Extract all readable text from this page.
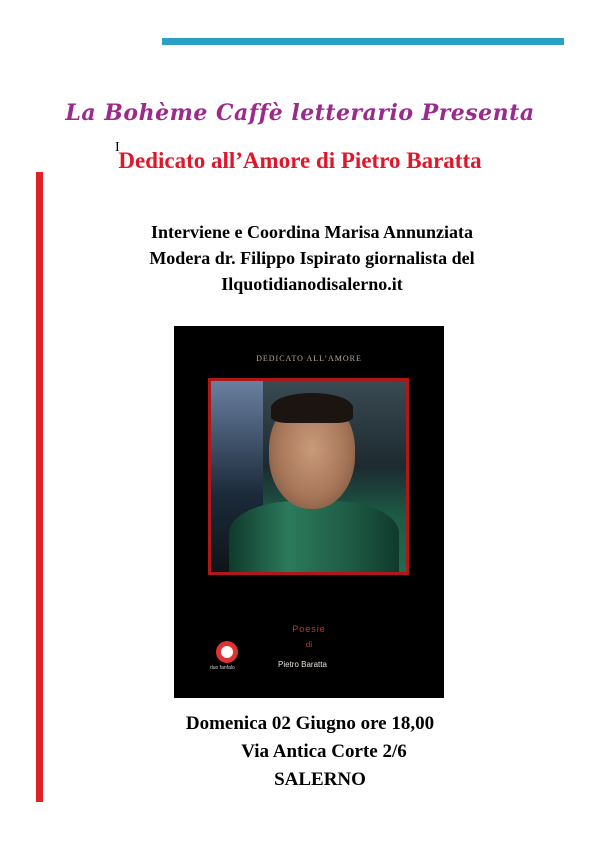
La Bohème Caffè letterario Presenta
I
Dedicato all’Amore di Pietro Baratta
Interviene e Coordina Marisa Annunziata
Modera dr. Filippo Ispirato giornalista del
Ilquotidianodisalerno.it
DEDICATO ALL’AMORE
Poesie
di
duo fanfalo	Pietro Baratta
Domenica 02 Giugno ore 18,00
Via Antica Corte 2/6
SALERNO
